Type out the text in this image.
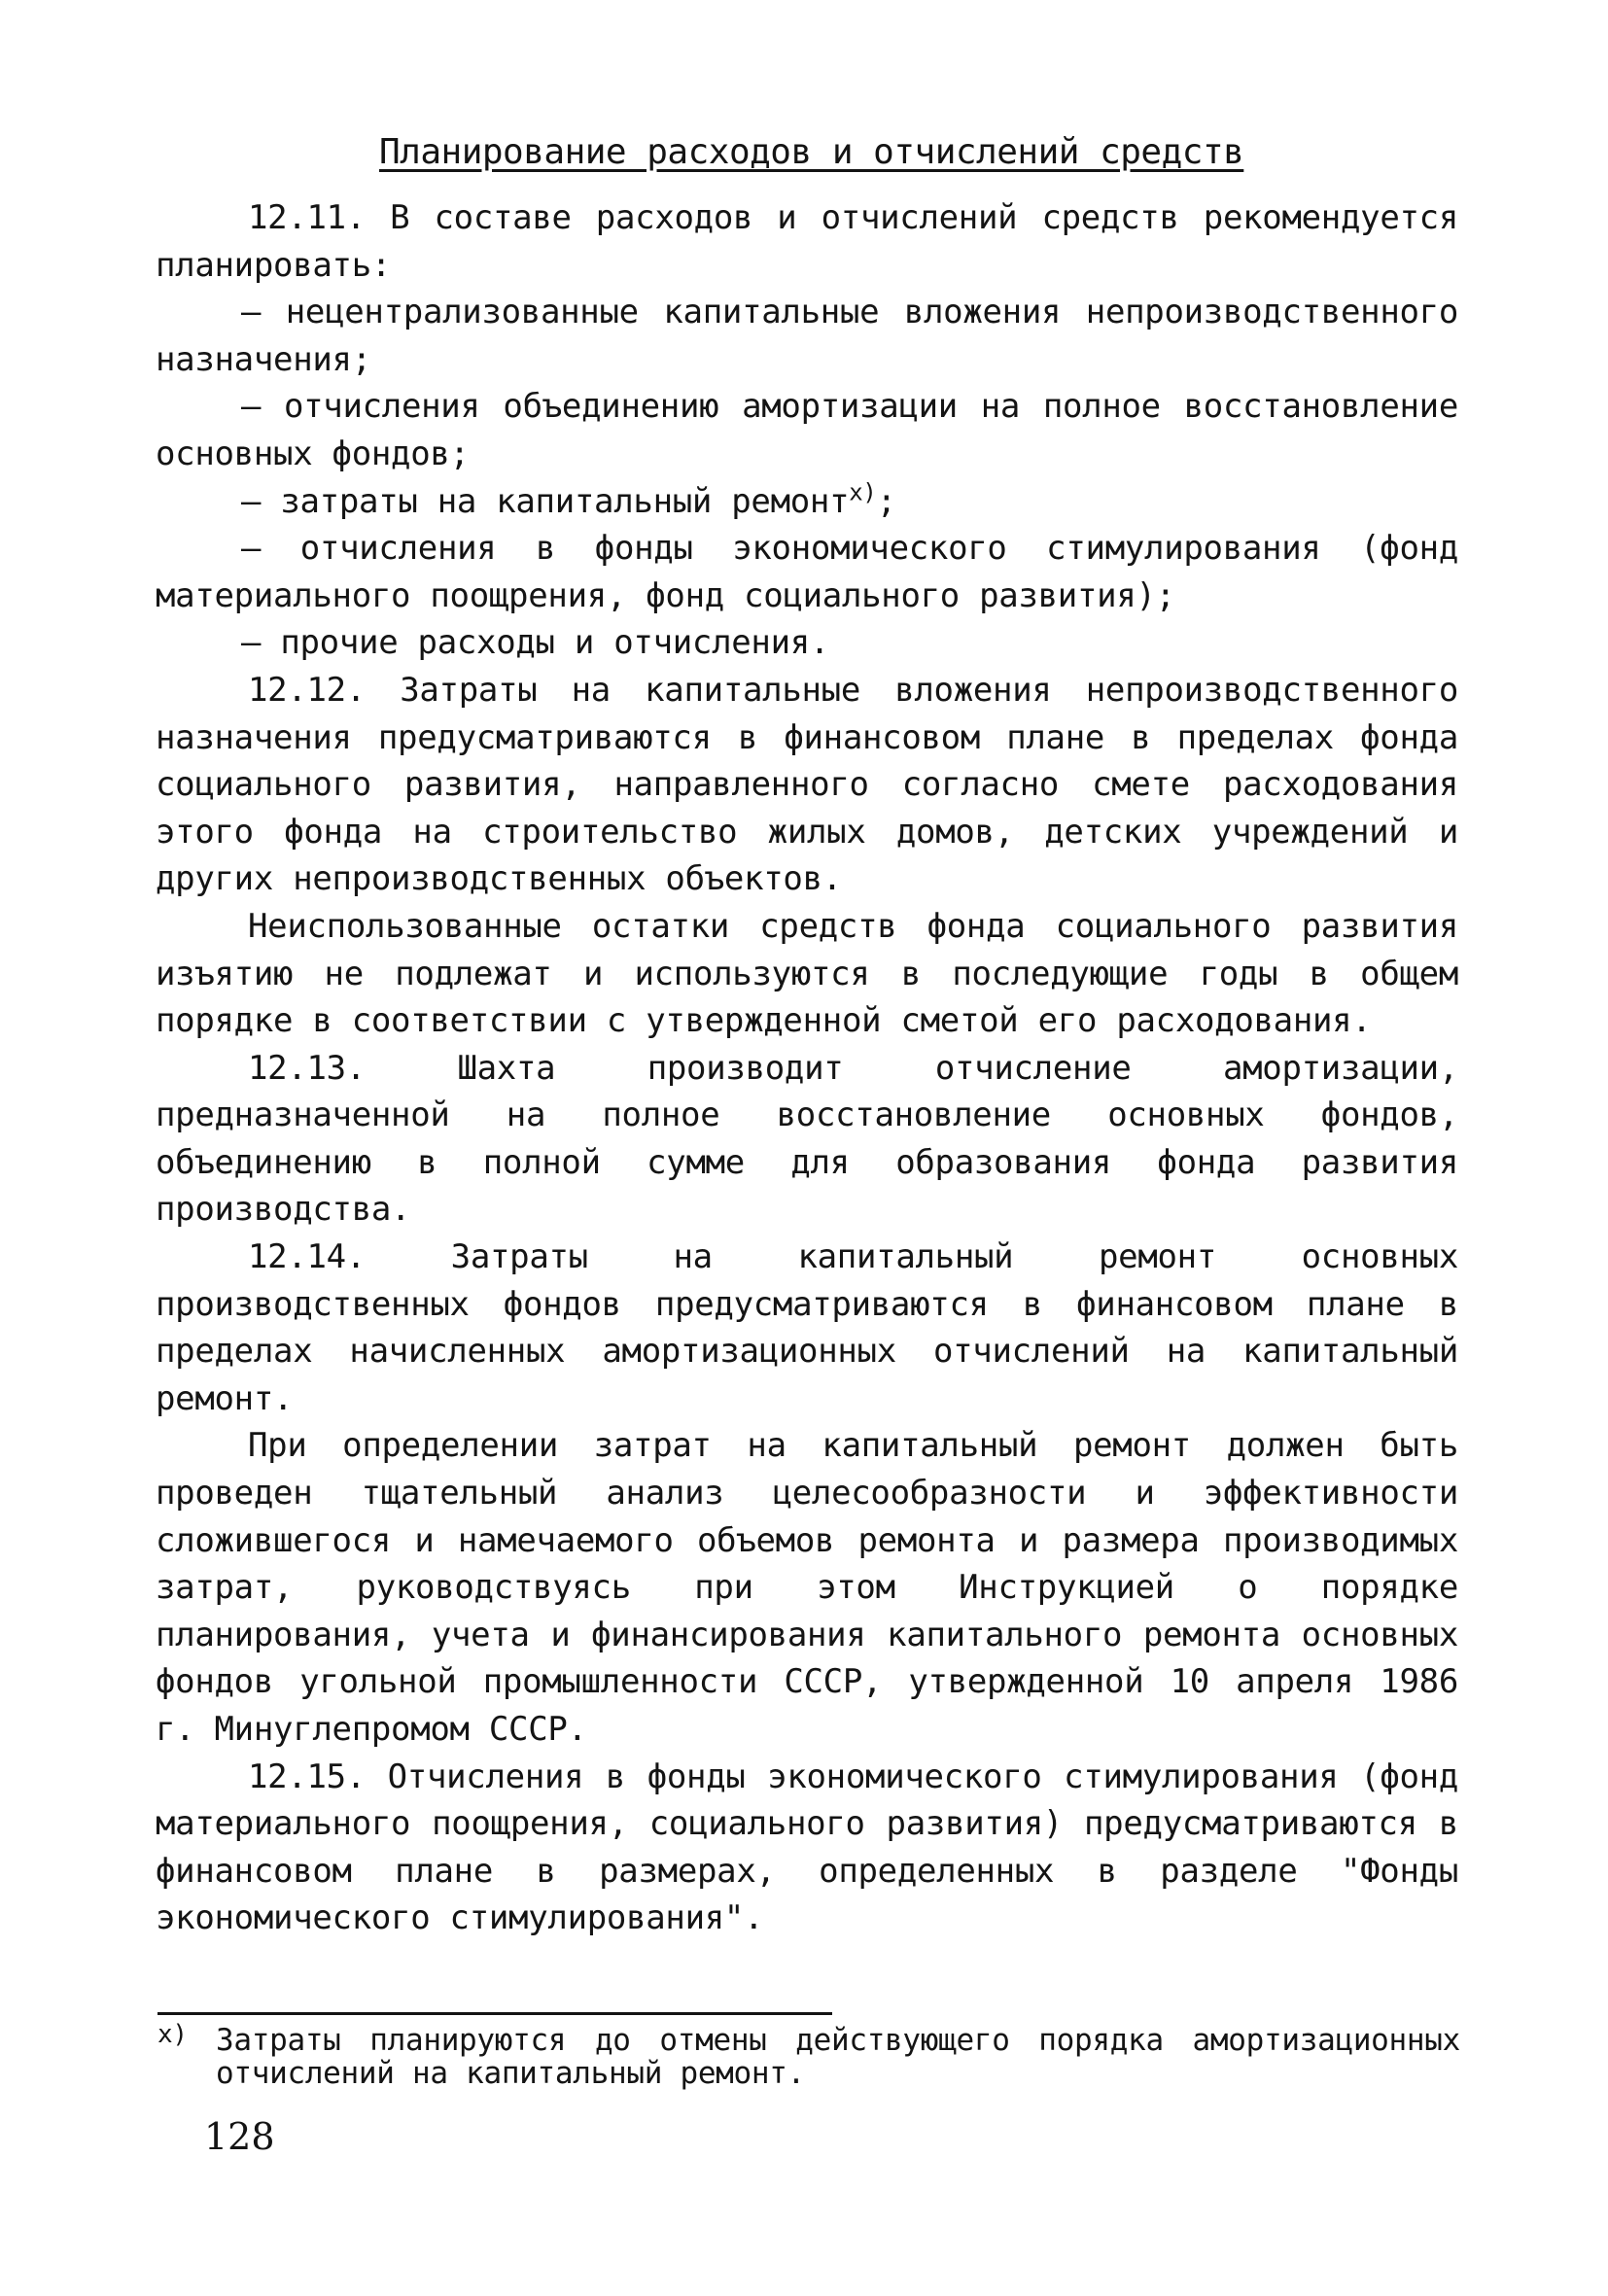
Планирование расходов и отчислений средств

12.11. В составе расходов и отчислений средств рекомендуется планировать:

– нецентрализованные капитальные вложения непроизводственного назначения;

– отчисления объединению амортизации на полное восстановление основных фондов;

– затраты на капитальный ремонт$^{x)}$;

– отчисления в фонды экономического стимулирования (фонд материального поощрения, фонд социального развития);

– прочие расходы и отчисления.

12.12. Затраты на капитальные вложения непроизводственного назначения предусматриваются в финансовом плане в пределах фонда социального развития, направленного согласно смете расходования этого фонда на строительство жилых домов, детских учреждений и других непроизводственных объектов.

Неиспользованные остатки средств фонда социального развития изъятию не подлежат и используются в последующие годы в общем порядке в соответствии с утвержденной сметой его расходования.

12.13. Шахта производит отчисление амортизации, предназначенной на полное восстановление основных фондов, объединению в полной сумме для образования фонда развития производства.

12.14. Затраты на капитальный ремонт основных производственных фондов предусматриваются в финансовом плане в пределах начисленных амортизационных отчислений на капитальный ремонт.

При определении затрат на капитальный ремонт должен быть проведен тщательный анализ целесообразности и эффективности сложившегося и намечаемого объемов ремонта и размера производимых затрат, руководствуясь при этом Инструкцией о порядке планирования, учета и финансирования капитального ремонта основных фондов угольной промышленности СССР, утвержденной 10 апреля 1986 г. Минуглепромом СССР.

12.15. Отчисления в фонды экономического стимулирования (фонд материального поощрения, социального развития) предусматриваются в финансовом плане в размерах, определенных в разделе "Фонды экономического стимулирования".

x) Затраты планируются до отмены действующего порядка амортизационных отчислений на капитальный ремонт.

128
